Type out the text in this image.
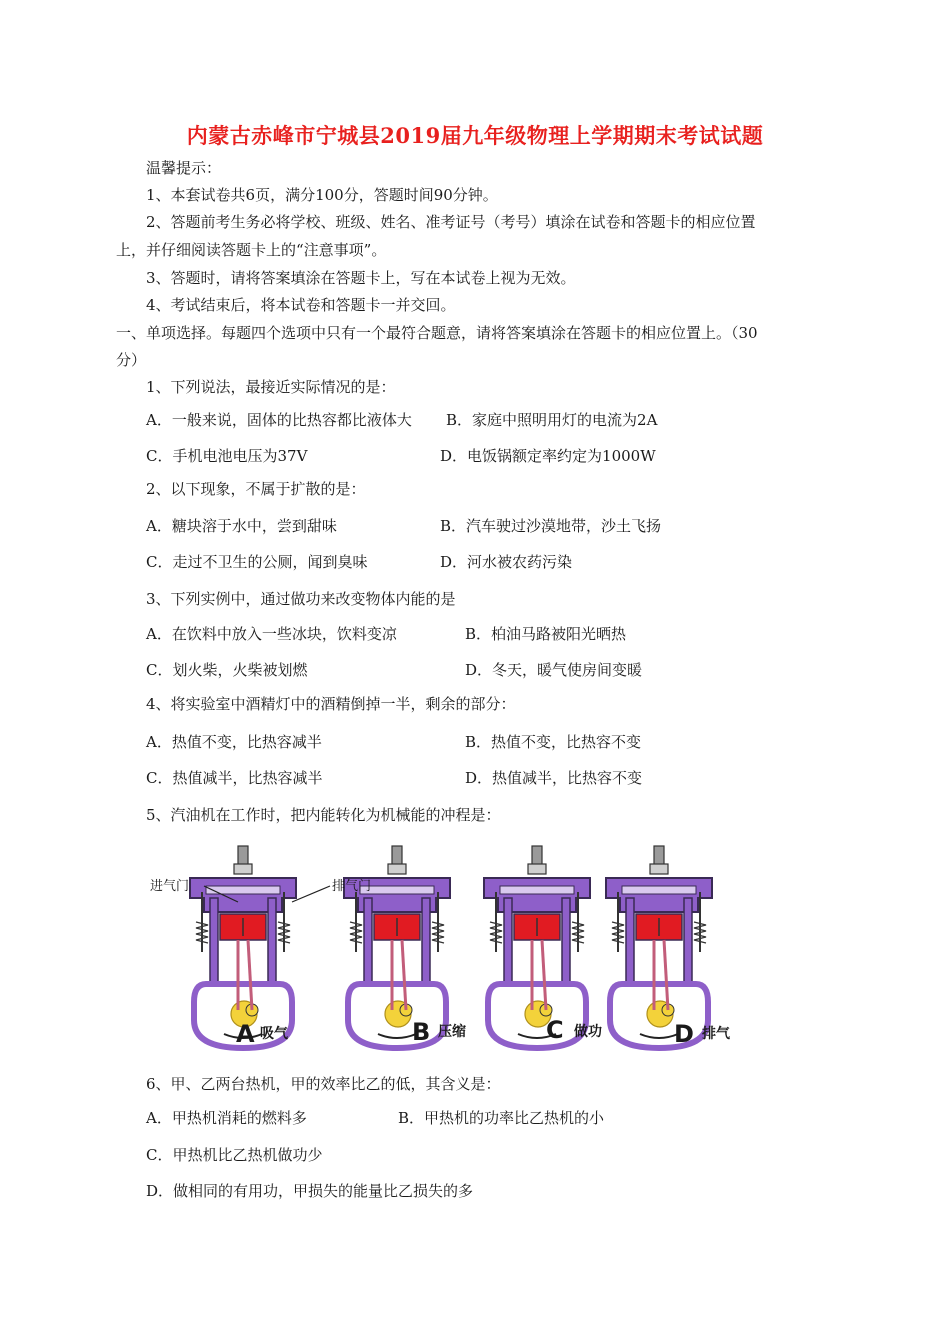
内蒙古赤峰市宁城县2019届九年级物理上学期期末考试试题
温馨提示：
1、本套试卷共6页，满分100分，答题时间90分钟。
2、答题前考生务必将学校、班级、姓名、准考证号（考号）填涂在试卷和答题卡的相应位置
上，并仔细阅读答题卡上的“注意事项”。
3、答题时，请将答案填涂在答题卡上，写在本试卷上视为无效。
4、考试结束后，将本试卷和答题卡一并交回。
一、单项选择。每题四个选项中只有一个最符合题意，请将答案填涂在答题卡的相应位置上。（30
分）
1、下列说法，最接近实际情况的是：
A．一般来说，固体的比热容都比液体大 B．家庭中照明用灯的电流为2A
C．手机电池电压为37V	D．电饭锅额定率约定为1000W
2、以下现象，不属于扩散的是：
A．糖块溶于水中，尝到甜味	B．汽车驶过沙漠地带，沙土飞扬
C．走过不卫生的公厕，闻到臭味	D．河水被农药污染
3、下列实例中，通过做功来改变物体内能的是
A．在饮料中放入一些冰块，饮料变凉	B．柏油马路被阳光晒热
C．划火柴，火柴被划燃	D．冬天，暖气使房间变暖
4、将实验室中酒精灯中的酒精倒掉一半，剩余的部分：
A．热值不变，比热容减半	B．热值不变，比热容不变
C．热值减半，比热容减半	D．热值减半，比热容不变
5、汽油机在工作时，把内能转化为机械能的冲程是：
进气门	排气门
A 吸气	B 压缩	C 做功	D 排气
6、甲、乙两台热机，甲的效率比乙的低，其含义是：
A．甲热机消耗的燃料多	B．甲热机的功率比乙热机的小
C．甲热机比乙热机做功少
D．做相同的有用功，甲损失的能量比乙损失的多
